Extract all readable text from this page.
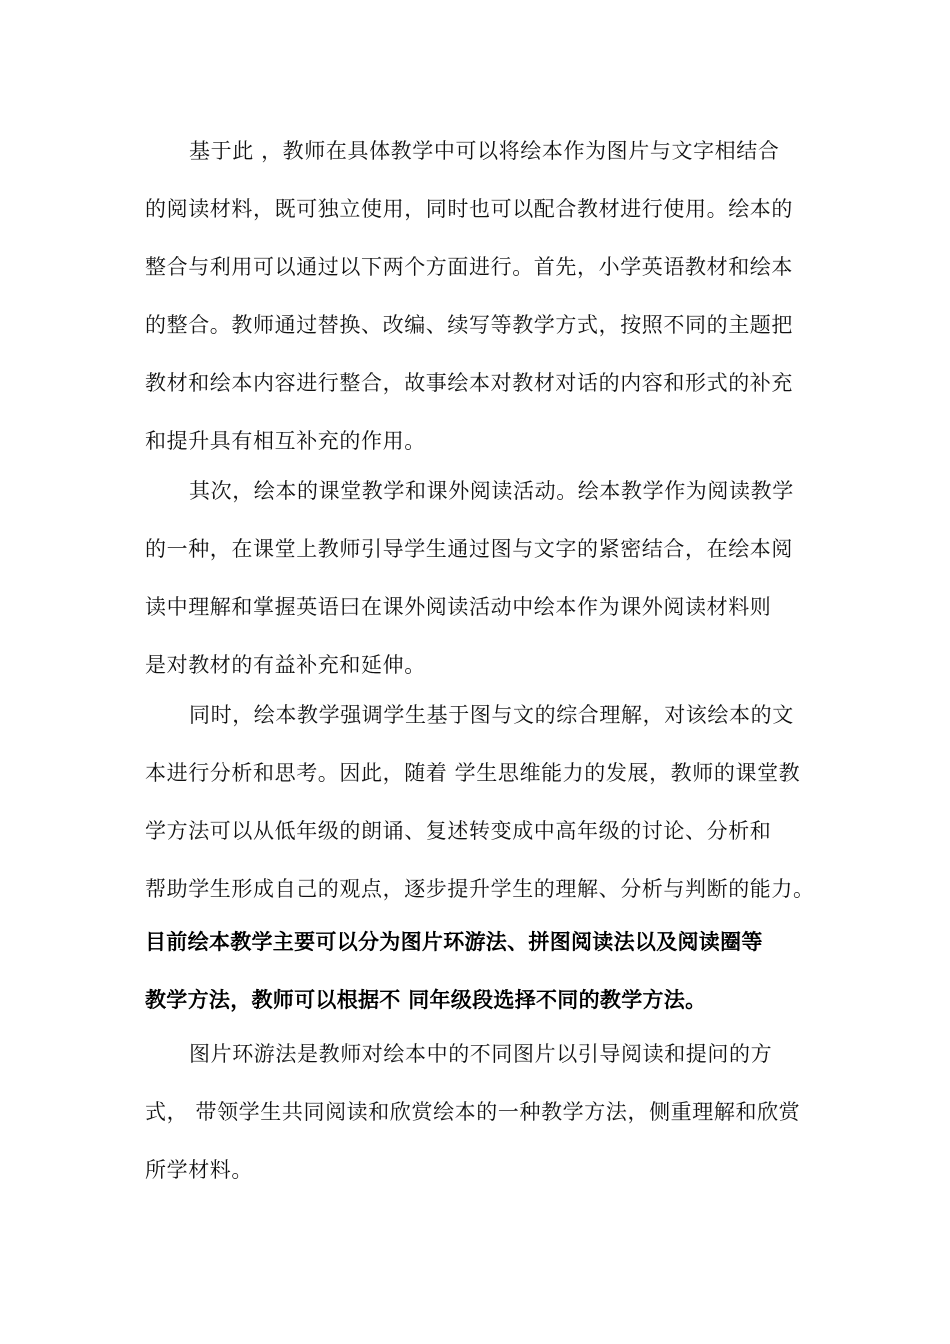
基于此 ，教师在具体教学中可以将绘本作为图片与文字相结合
的阅读材料，既可独立使用，同时也可以配合教材进行使用。绘本的
整合与利用可以通过以下两个方面进行。首先，小学英语教材和绘本
的整合。教师通过替换、改编、续写等教学方式，按照不同的主题把
教材和绘本内容进行整合，故事绘本对教材对话的内容和形式的补充
和提升具有相互补充的作用。
其次，绘本的课堂教学和课外阅读活动。绘本教学作为阅读教学
的一种，在课堂上教师引导学生通过图与文字的紧密结合，在绘本阅
读中理解和掌握英语曰在课外阅读活动中绘本作为课外阅读材料则
是对教材的有益补充和延伸。
同时，绘本教学强调学生基于图与文的综合理解，对该绘本的文
本进行分析和思考。因此，随着 学生思维能力的发展，教师的课堂教
学方法可以从低年级的朗诵、复述转变成中高年级的讨论、分析和
帮助学生形成自己的观点，逐步提升学生的理解、分析与判断的能力。
目前绘本教学主要可以分为图片环游法、拼图阅读法以及阅读圈等
教学方法，教师可以根据不 同年级段选择不同的教学方法。
图片环游法是教师对绘本中的不同图片以引导阅读和提问的方
式， 带领学生共同阅读和欣赏绘本的一种教学方法，侧重理解和欣赏
所学材料。
